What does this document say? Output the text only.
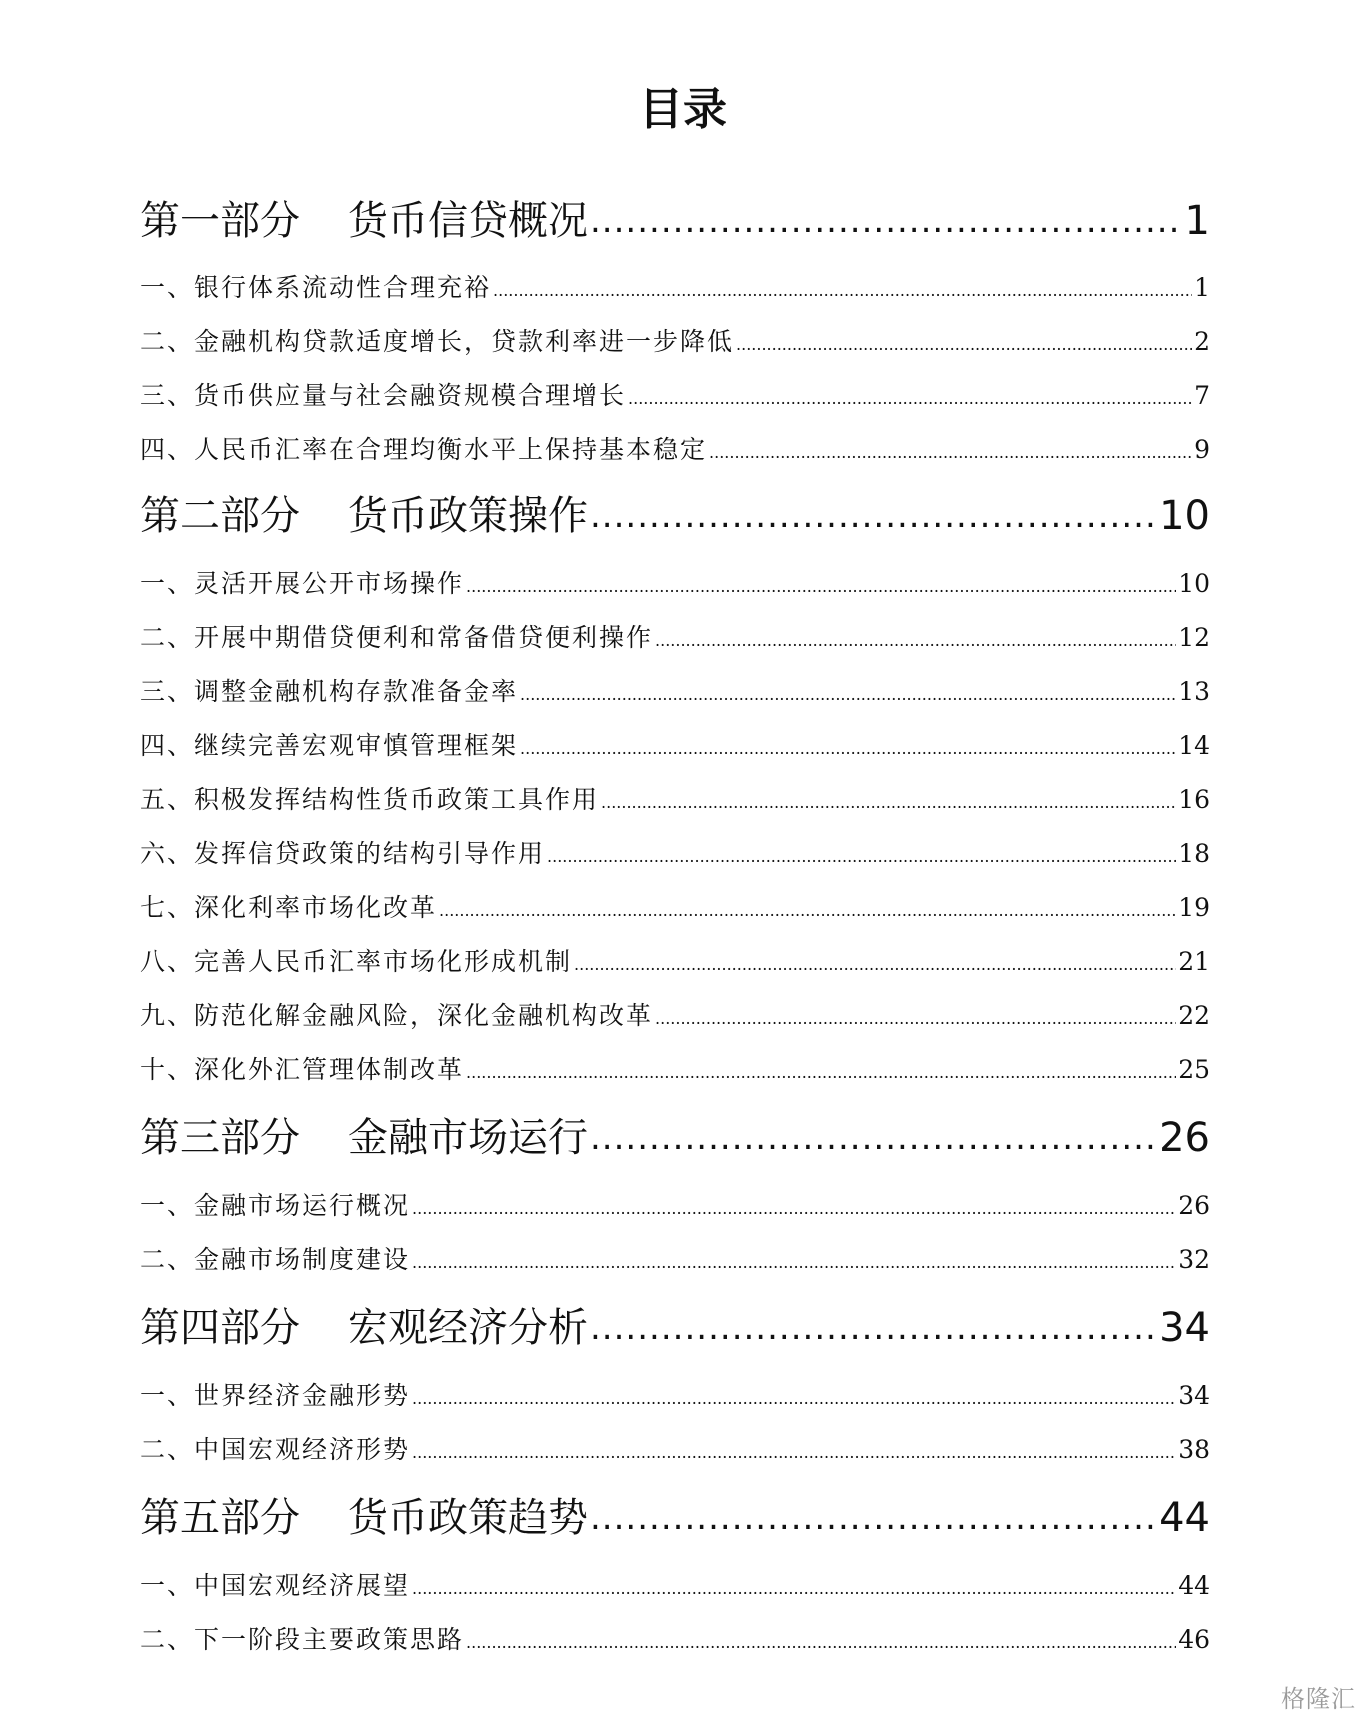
目录
第一部分 货币信贷概况 .....	1
一、银行体系流动性合理充裕 .....	1
二、金融机构贷款适度增长，贷款利率进一步降低 .....	2
三、货币供应量与社会融资规模合理增长 .....	7
四、人民币汇率在合理均衡水平上保持基本稳定 .....	9
第二部分 货币政策操作 .....	10
一、灵活开展公开市场操作 .....	10
二、开展中期借贷便利和常备借贷便利操作 .....	12
三、调整金融机构存款准备金率 .....	13
四、继续完善宏观审慎管理框架 .....	14
五、积极发挥结构性货币政策工具作用 .....	16
六、发挥信贷政策的结构引导作用 .....	18
七、深化利率市场化改革 .....	19
八、完善人民币汇率市场化形成机制 .....	21
九、防范化解金融风险，深化金融机构改革 .....	22
十、深化外汇管理体制改革 .....	25
第三部分 金融市场运行 .....	26
一、金融市场运行概况 .....	26
二、金融市场制度建设 .....	32
第四部分 宏观经济分析 .....	34
一、世界经济金融形势 .....	34
二、中国宏观经济形势 .....	38
第五部分 货币政策趋势 .....	44
一、中国宏观经济展望 .....	44
二、下一阶段主要政策思路 .....	46
格隆汇
